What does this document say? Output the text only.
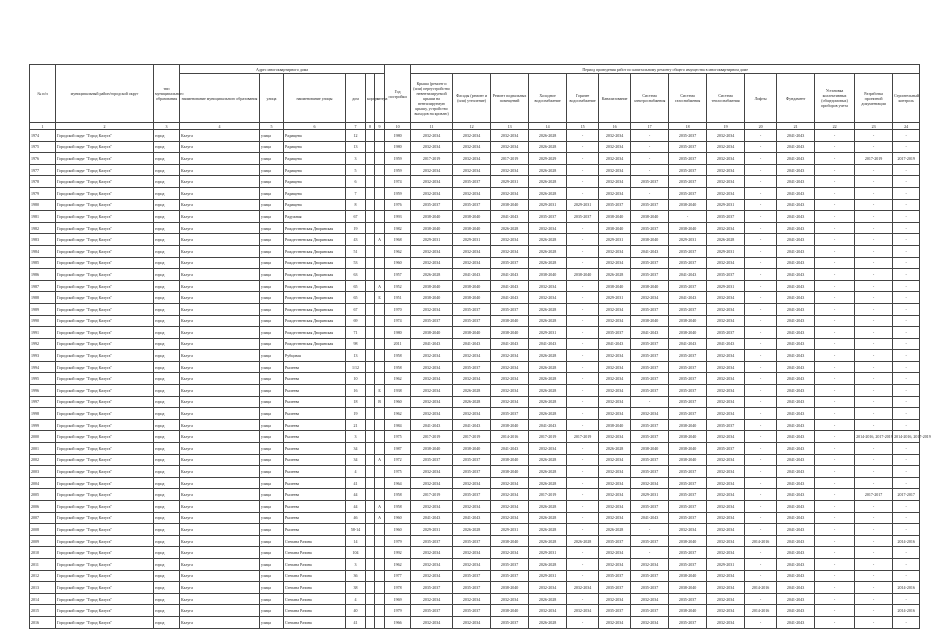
№ п/п	муниципальный район/городской округ	тип муниципального образования	Адрес многоквартирного дома						Год постройки	Период проведения работ по капитальному ремонту общего имущества в многоквартирном доме													
			наименование муниципального образования	улица	наименование улицы	дом	корпус	литера		Крыша (ремонт и (или) переустройство невентилируемой крыши на вентилируемую крышу, устройство выходов на кровлю)	Фасады (ремонт и (или) утепление)	Ремонт подвальных помещений	Холодное водоснабжение	Горячее водоснабжение	Канализование	Система электроснабжения	Система газоснабжения	Система теплоснабжения	Лифты	Фундамент	Установка коллективных (общедомовых) приборов учета	Разработка проектной документации	Строительный контроль
1	2	3	4	5	6	7	8	9	10	11	12	13	14	15	16	17	18	19	20	21	22	23	24
1974	Городской округ "Город Калуга"	город	Калуга	улица	Радищева	12			1980	2032-2034	2032-2034	2032-2034	2026-2028	-	2032-2034	-	2035-2037	2032-2034	-	2041-2043	-	-	-
1975	Городской округ "Город Калуга"	город	Калуга	улица	Радищева	13			1980	2032-2034	2032-2034	2032-2034	2026-2028	-	2032-2034	-	2035-2037	2032-2034	-	2041-2043	-	-	-
1976	Городской округ "Город Калуга"	город	Калуга	улица	Радищева	3			1959	2017-2019	2032-2034	2017-2019	2029-2029	-	2032-2034	-	2035-2037	2032-2034	-	2041-2043	-	2017-2019	2017-2019
1977	Городской округ "Город Калуга"	город	Калуга	улица	Радищева	5			1959	2032-2034	2032-2034	2032-2034	2026-2028	-	2032-2034	-	2035-2037	2032-2034	-	2041-2043	-	-	-
1978	Городской округ "Город Калуга"	город	Калуга	улица	Радищева	6			1974	2032-2034	2035-2037	2029-2031	2026-2028	-	2032-2034	2035-2037	2035-2037	2032-2034	-	2041-2043	-	-	-
1979	Городской округ "Город Калуга"	город	Калуга	улица	Радищева	7			1959	2032-2034	2032-2034	2032-2034	2026-2028	-	2032-2034	-	2035-2037	2032-2034	-	2041-2043	-	-	-
1980	Городской округ "Город Калуга"	город	Калуга	улица	Радищева	8			1976	2035-2037	2035-2037	2038-2040	2029-2031	2029-2031	2035-2037	2035-2037	2038-2040	2029-2031	-	2041-2043	-	-	-
1981	Городской округ "Город Калуга"	город	Калуга	улица	Радужная	67			1993	2038-2040	2038-2040	2041-2043	2035-2037	2035-2037	2038-2040	2038-2040	-	2035-2037	-	2041-2043	-	-	-
1982	Городской округ "Город Калуга"	город	Калуга	улица	Рождественская Дворянская	19			1982	2038-2040	2038-2040	2026-2028	2032-2034	-	2038-2040	2035-2037	2038-2040	2032-2034	-	2041-2043	-	-	-
1983	Городской округ "Город Калуга"	город	Калуга	улица	Рождественская Дворянская	43		А	1968	2029-2031	2029-2031	2032-2034	2026-2028	-	2029-2031	2038-2040	2029-2031	2026-2028	-	2041-2043	-	-	-
1984	Городской округ "Город Калуга"	город	Калуга	улица	Рождественская Дворянская	51			1962	2032-2034	2032-2034	2032-2034	2026-2028	-	2032-2034	2041-2043	2035-2037	2029-2031	-	2041-2043	-	-	-
1985	Городской округ "Город Калуга"	город	Калуга	улица	Рождественская Дворянская	53			1960	2032-2034	2032-2034	2035-2037	2026-2028	-	2032-2034	2035-2037	2035-2037	2032-2034	-	2041-2043	-	-	-
1986	Городской округ "Город Калуга"	город	Калуга	улица	Рождественская Дворянская	63			1957	2026-2028	2041-2043	2041-2043	2038-2040	2038-2040	2026-2028	2035-2037	2041-2043	2035-2037	-	2041-2043	-	-	-
1987	Городской округ "Город Калуга"	город	Калуга	улица	Рождественская Дворянская	65		А	1952	2038-2040	2038-2040	2041-2043	2032-2034	-	2038-2040	2038-2040	2035-2037	2029-2031	-	2041-2043	-	-	-
1988	Городской округ "Город Калуга"	город	Калуга	улица	Рождественская Дворянская	65		Б	1951	2038-2040	2038-2040	2041-2043	2032-2034	-	2029-2031	2032-2034	2041-2043	2032-2034	-	2041-2043	-	-	-
1989	Городской округ "Город Калуга"	город	Калуга	улица	Рождественская Дворянская	67			1970	2032-2034	2035-2037	2035-2037	2026-2028	-	2032-2034	2035-2037	2035-2037	2032-2034	-	2041-2043	-	-	-
1990	Городской округ "Город Калуга"	город	Калуга	улица	Рождественская Дворянская	69			1974	2035-2037	2035-2037	2038-2040	2026-2028	-	2032-2034	2038-2040	2038-2040	2032-2034	-	2041-2043	-	-	-
1991	Городской округ "Город Калуга"	город	Калуга	улица	Рождественская Дворянская	71			1980	2038-2040	2038-2040	2038-2040	2029-2031	-	2035-2037	2041-2043	2038-2040	2035-2037	-	2041-2043	-	-	-
1992	Городской округ "Город Калуга"	город	Калуга	улица	Рождественская Дворянская	98			2011	2041-2043	2041-2043	2041-2043	2041-2043	-	2041-2043	2035-2037	2041-2043	2041-2043	-	2041-2043	-	-	-
1993	Городской округ "Город Калуга"	город	Калуга	улица	Рубцовая	13			1958	2032-2034	2032-2034	2032-2034	2026-2028	-	2032-2034	2035-2037	2035-2037	2032-2034	-	2041-2043	-	-	-
1994	Городской округ "Город Калуга"	город	Калуга	улица	Рылеева	1/12			1958	2032-2034	2035-2037	2032-2034	2026-2028	-	2032-2034	2035-2037	2035-2037	2032-2034	-	2041-2043	-	-	-
1995	Городской округ "Город Калуга"	город	Калуга	улица	Рылеева	10			1962	2032-2034	2032-2034	2032-2034	2026-2028	-	2032-2034	2035-2037	2035-2037	2032-2034	-	2041-2043	-	-	-
1996	Городской округ "Город Калуга"	город	Калуга	улица	Рылеева	16		Б	1938	2032-2034	2026-2028	2032-2034	2026-2028	-	2032-2034	2035-2037	2035-2037	2032-2034	-	2041-2043	-	-	-
1997	Городской округ "Город Калуга"	город	Калуга	улица	Рылеева	18		В	1960	2032-2034	2026-2028	2032-2034	2026-2028	-	2032-2034	-	2035-2037	2032-2034	-	2041-2043	-	-	-
1998	Городской округ "Город Калуга"	город	Калуга	улица	Рылеева	19			1962	2032-2034	2032-2034	2035-2037	2026-2028	-	2032-2034	2032-2034	2035-2037	2032-2034	-	2041-2043	-	-	-
1999	Городской округ "Город Калуга"	город	Калуга	улица	Рылеева	21			1984	2041-2043	2041-2043	2038-2040	2041-2043	-	2038-2040	2035-2037	2038-2040	2035-2037	-	2041-2043	-	-	-
2000	Городской округ "Город Калуга"	город	Калуга	улица	Рылеева	3			1975	2017-2019	2017-2019	2014-2016	2017-2019	2017-2019	2032-2034	2035-2037	2038-2040	2032-2034	-	2041-2043	-	2014-2016, 2017-2019	2014-2016, 2017-2019
2001	Городской округ "Город Калуга"	город	Калуга	улица	Рылеева	34			1987	2038-2040	2038-2040	2041-2043	2032-2034	-	2026-2028	2038-2040	2038-2040	2035-2037	-	2041-2043	-	-	-
2002	Городской округ "Город Калуга"	город	Калуга	улица	Рылеева	34		А	1972	2035-2037	2035-2037	2038-2040	2026-2028	-	2032-2034	2035-2037	2038-2040	2032-2034	-	2041-2043	-	-	-
2003	Городской округ "Город Калуга"	город	Калуга	улица	Рылеева	4			1975	2032-2034	2035-2037	2038-2040	2026-2028	-	2032-2034	2035-2037	2035-2037	2032-2034	-	2041-2043	-	-	-
2004	Городской округ "Город Калуга"	город	Калуга	улица	Рылеева	41			1964	2032-2034	2032-2034	2032-2034	2026-2028	-	2032-2034	2032-2034	2035-2037	2032-2034	-	2041-2043	-	-	-
2005	Городской округ "Город Калуга"	город	Калуга	улица	Рылеева	44			1958	2017-2019	2035-2037	2032-2034	2017-2019	-	2032-2034	2029-2031	2035-2037	2032-2034	-	2041-2043	-	2017-2017	2017-2017
2006	Городской округ "Город Калуга"	город	Калуга	улица	Рылеева	44		А	1958	2032-2034	2032-2034	2032-2034	2026-2028	-	2032-2034	2035-2037	2035-2037	2032-2034	-	2041-2043	-	-	-
2007	Городской округ "Город Калуга"	город	Калуга	улица	Рылеева	46		А	1960	2041-2043	2041-2043	2032-2034	2026-2028	-	2032-2034	2041-2043	2035-2037	2032-2034	-	2041-2043	-	-	-
2008	Городской округ "Город Калуга"	город	Калуга	улица	Рылеева	58-14			1960	2029-2031	2026-2028	2029-2031	2026-2028	-	2026-2028	-	2032-2034	2032-2034	-	2041-2043	-	-	-
2009	Городской округ "Город Калуга"	город	Калуга	улица	Степана Разина	14			1979	2035-2037	2035-2037	2038-2040	2026-2028	2026-2028	2035-2037	2035-2037	2038-2040	2032-2034	2014-2016	2041-2043	-	-	2014-2016
2010	Городской округ "Город Калуга"	город	Калуга	улица	Степана Разина	104			1992	2032-2034	2032-2034	2032-2034	2029-2031	-	2032-2034	-	2035-2037	2032-2034	-	2041-2043	-	-	-
2011	Городской округ "Город Калуга"	город	Калуга	улица	Степана Разина	3			1962	2032-2034	2032-2034	2035-2037	2026-2028	-	2032-2034	2032-2034	2035-2037	2029-2031	-	2041-2043	-	-	-
2012	Городской округ "Город Калуга"	город	Калуга	улица	Степана Разина	36			1977	2032-2034	2035-2037	2035-2037	2029-2031	-	2035-2037	2035-2037	2038-2040	2032-2034	-	2041-2043	-	-	-
2013	Городской округ "Город Калуга"	город	Калуга	улица	Степана Разина	38			1978	2035-2037	2035-2037	2038-2040	2032-2034	2032-2034	2035-2037	2035-2037	2038-2040	2032-2034	2014-2016	2041-2043	-	-	2014-2016
2014	Городской округ "Город Калуга"	город	Калуга	улица	Степана Разина	4			1969	2032-2034	2032-2034	2032-2034	2026-2028	-	2032-2034	2032-2034	2035-2037	2032-2034	-	2041-2043	-	-	-
2015	Городской округ "Город Калуга"	город	Калуга	улица	Степана Разина	40			1979	2035-2037	2035-2037	2038-2040	2032-2034	2032-2034	2035-2037	2035-2037	2038-2040	2032-2034	2014-2016	2041-2043	-	-	2014-2016
2016	Городской округ "Город Калуга"	город	Калуга	улица	Степана Разина	41			1966	2032-2034	2032-2034	2035-2037	2026-2028	-	2032-2034	2032-2034	2035-2037	2032-2034	-	2041-2043	-	-	-
